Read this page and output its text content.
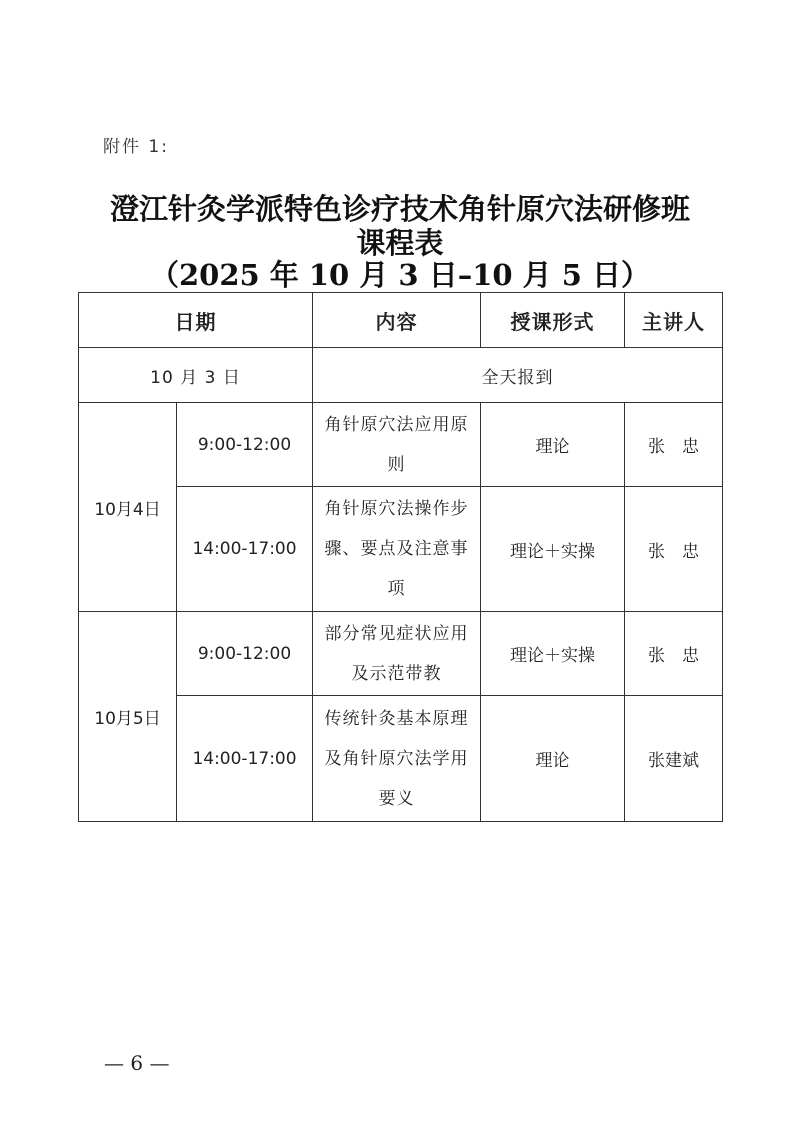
附件 1:
澄江针灸学派特色诊疗技术角针原穴法研修班
课程表
（2025 年 10 月 3 日–10 月 5 日）
日期		内容	授课形式	主讲人
10 月 3 日		全天报到		
10月4日	9:00-12:00	角针原穴法应用原则	理论	张　忠
	14:00-17:00	角针原穴法操作步骤、要点及注意事项	理论＋实操	张　忠
10月5日	9:00-12:00	部分常见症状应用及示范带教	理论＋实操	张　忠
	14:00-17:00	传统针灸基本原理及角针原穴法学用要义	理论	张建斌
— 6 —
